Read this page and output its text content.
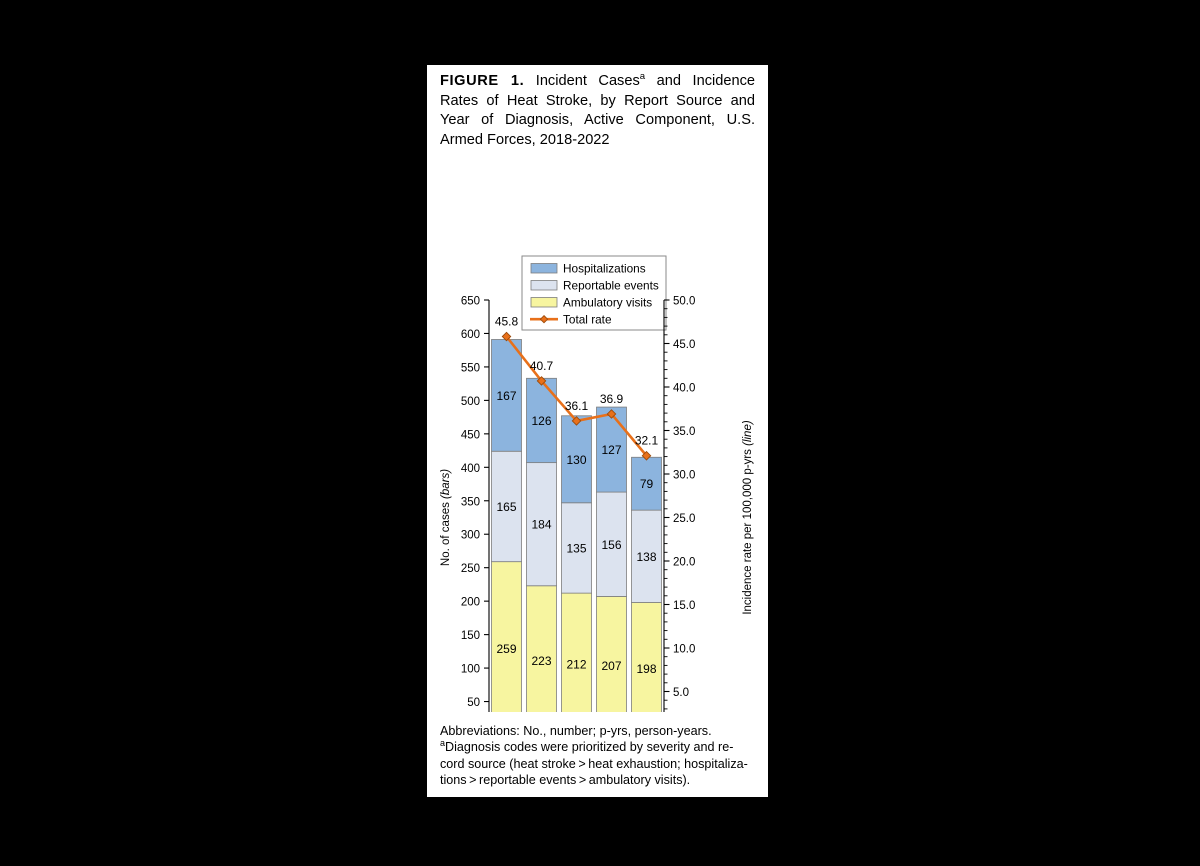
FIGURE 1. Incident Cases$^a$ and Incidence Rates of Heat Stroke, by Report Source and Year of Diagnosis, Active Component, U.S. Armed Forces, 2018-2022
Hospitalizations
Reportable events
Ambulatory visits
Total rate
50
100
150
200
250
300
350
400
450
500
550
600
650
5.0
10.0
15.0
20.0
25.0
30.0
35.0
40.0
45.0
50.0
259
165
167
223
184
126
212
135
130
207
156
127
198
138
79
45.8
40.7
36.1 36.9
32.1
No. of cases (bars)	Incidence rate per 100,000 p-yrs (line)
Abbreviations: No., number; p-yrs, person-years.
$^a$Diagnosis codes were prioritized by severity and re-
cord source (heat stroke > heat exhaustion; hospitaliza-
tions > reportable events > ambulatory visits).
